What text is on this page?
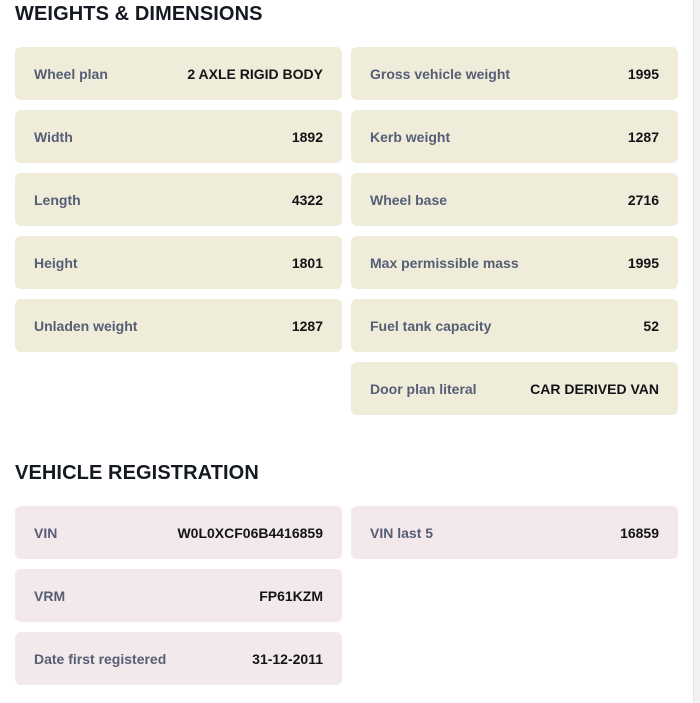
WEIGHTS & DIMENSIONS
Wheel plan	2 AXLE RIGID BODY
Width	1892
Length	4322
Height	1801
Unladen weight	1287
Gross vehicle weight	1995
Kerb weight	1287
Wheel base	2716
Max permissible mass	1995
Fuel tank capacity	52
Door plan literal	CAR DERIVED VAN
VEHICLE REGISTRATION
VIN	W0L0XCF06B4416859
VRM	FP61KZM
Date first registered	31-12-2011
VIN last 5	16859
